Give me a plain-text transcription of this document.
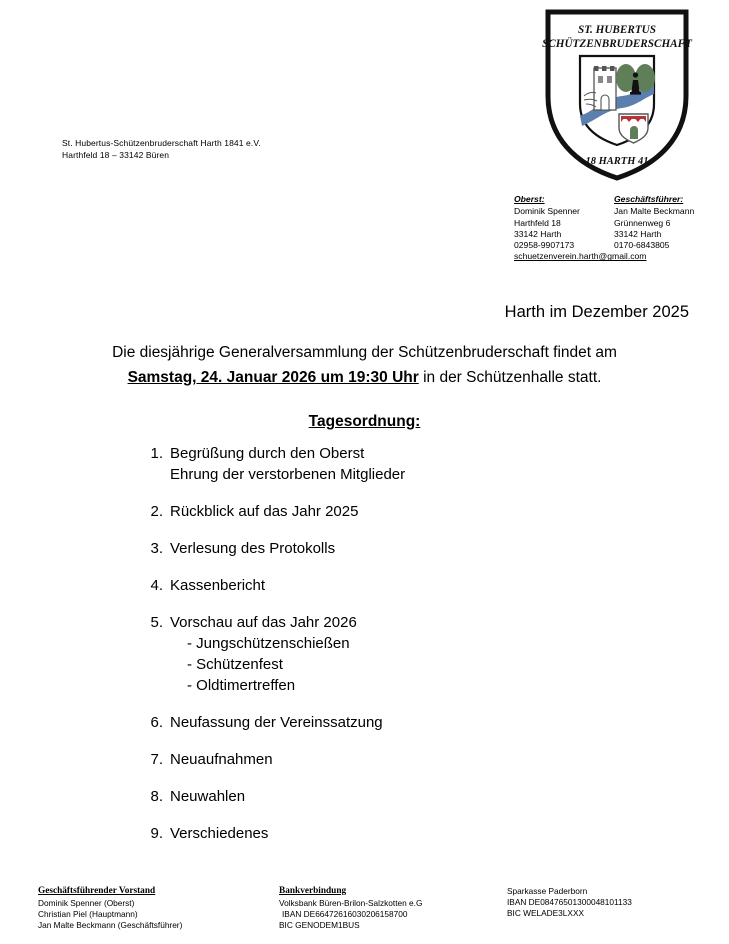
ST. HUBERTUS
SCHÜTZENBRUDERSCHAFT
18 HARTH 41
St. Hubertus-Schützenbruderschaft Harth 1841 e.V.
Harthfeld 18 – 33142 Büren
Oberst:
Dominik Spenner
Harthfeld 18
33142 Harth
02958-9907173
Geschäftsführer:
Jan Malte Beckmann
Grünnenweg 6
33142 Harth
0170-6843805
schuetzenverein.harth@gmail.com
Harth im Dezember 2025
Die diesjährige Generalversammlung der Schützenbruderschaft findet am
Samstag, 24. Januar 2026 um 19:30 Uhr in der Schützenhalle statt.
Tagesordnung:
1. Begrüßung durch den Oberst
Ehrung der verstorbenen Mitglieder
2. Rückblick auf das Jahr 2025
3. Verlesung des Protokolls
4. Kassenbericht
5. Vorschau auf das Jahr 2026
- Jungschützenschießen
- Schützenfest
- Oldtimertreffen
6. Neufassung der Vereinssatzung
7. Neuaufnahmen
8. Neuwahlen
9. Verschiedenes
Geschäftsführender Vorstand
Dominik Spenner (Oberst)
Christian Piel (Hauptmann)
Jan Malte Beckmann (Geschäftsführer)
Bankverbindung
Volksbank Büren-Brilon-Salzkotten e.G
IBAN DE66472616030206158700
BIC GENODEM1BUS
Sparkasse Paderborn
IBAN DE08476501300048101133
BIC WELADE3LXXX
